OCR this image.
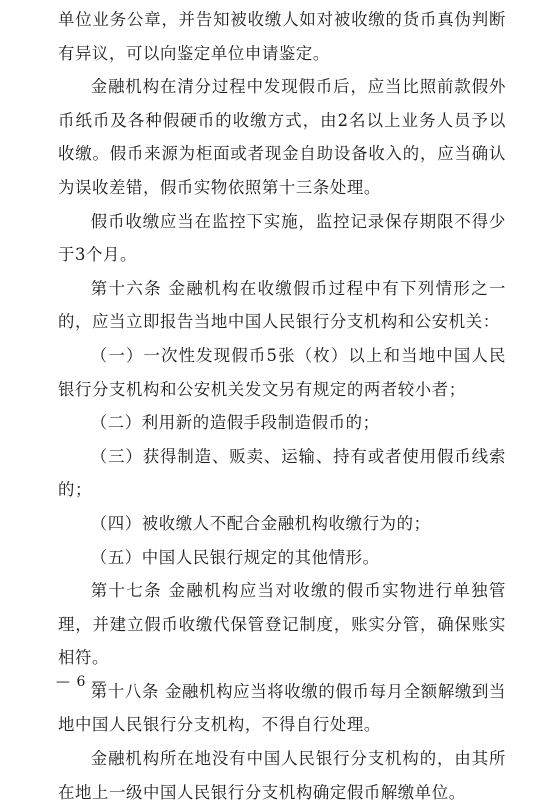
单位业务公章，并告知被收缴人如对被收缴的货币真伪判断有异议，可以向鉴定单位申请鉴定。

金融机构在清分过程中发现假币后，应当比照前款假外币纸币及各种假硬币的收缴方式，由2名以上业务人员予以收缴。假币来源为柜面或者现金自助设备收入的，应当确认为误收差错，假币实物依照第十三条处理。

假币收缴应当在监控下实施，监控记录保存期限不得少于3个月。

第十六条 金融机构在收缴假币过程中有下列情形之一的，应当立即报告当地中国人民银行分支机构和公安机关：

（一）一次性发现假币5张（枚）以上和当地中国人民银行分支机构和公安机关发文另有规定的两者较小者；

（二）利用新的造假手段制造假币的；

（三）获得制造、贩卖、运输、持有或者使用假币线索的；

（四）被收缴人不配合金融机构收缴行为的；

（五）中国人民银行规定的其他情形。

第十七条 金融机构应当对收缴的假币实物进行单独管理，并建立假币收缴代保管登记制度，账实分管，确保账实相符。

第十八条 金融机构应当将收缴的假币每月全额解缴到当地中国人民银行分支机构，不得自行处理。

金融机构所在地没有中国人民银行分支机构的，由其所在地上一级中国人民银行分支机构确定假币解缴单位。

— 6 —
